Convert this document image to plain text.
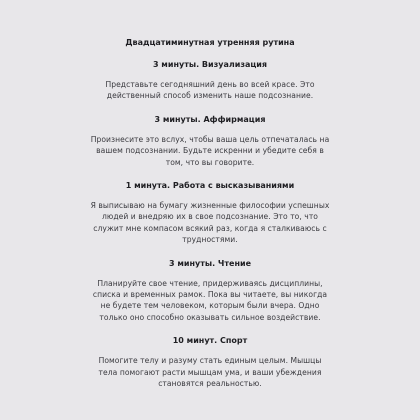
Двадцатиминутная утренняя рутина
3 минуты. Визуализация
Представьте сегодняшний день во всей красе. Это действенный способ изменить наше подсознание.
3 минуты. Аффирмация
Произнесите это вслух, чтобы ваша цель отпечаталась на вашем подсознании. Будьте искренни и убедите себя в том, что вы говорите.
1 минута. Работа с высказываниями
Я выписываю на бумагу жизненные философии успешных людей и внедряю их в свое подсознание. Это то, что служит мне компасом всякий раз, когда я сталкиваюсь с трудностями.
3 минуты. Чтение
Планируйте свое чтение, придерживаясь дисциплины, списка и временных рамок. Пока вы читаете, вы никогда не будете тем человеком, которым были вчера. Одно только оно способно оказывать сильное воздействие.
10 минут. Спорт
Помогите телу и разуму стать единым целым. Мышцы тела помогают расти мышцам ума, и ваши убеждения становятся реальностью.
